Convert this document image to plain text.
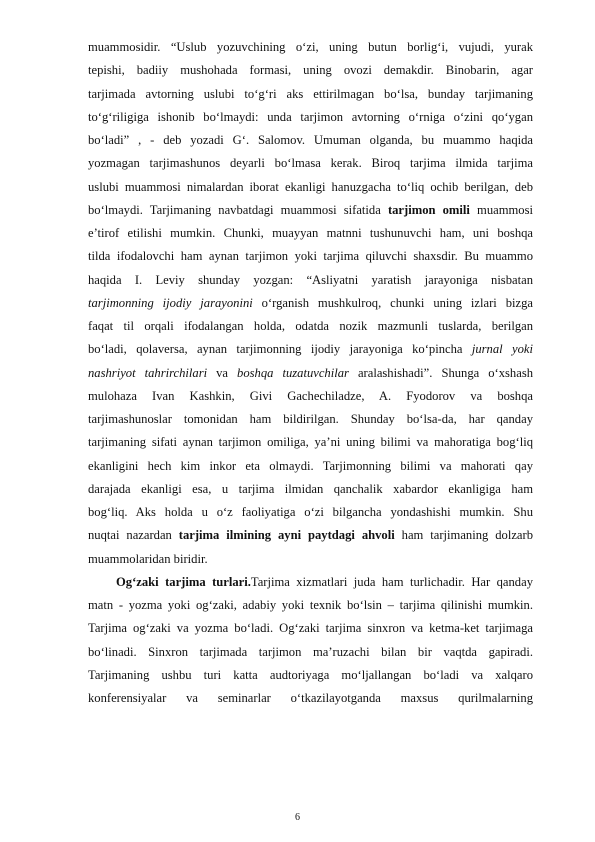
muammosidir. “Uslub yozuvchining o‘zi, uning butun borlig‘i, vujudi, yurak
tepishi, badiiy mushohada formasi, uning ovozi demakdir. Binobarin, agar
tarjimada avtorning uslubi to‘g‘ri aks ettirilmagan bo‘lsa, bunday tarjimaning
to‘g‘riligiga ishonib bo‘lmaydi: unda tarjimon avtorning o‘rniga o‘zini qo‘ygan
bo‘ladi” , - deb yozadi G‘. Salomov. Umuman olganda, bu muammo haqida
yozmagan tarjimashunos deyarli bo‘lmasa kerak. Biroq tarjima ilmida tarjima
uslubi muammosi nimalardan iborat ekanligi hanuzgacha to‘liq ochib berilgan, deb
bo‘lmaydi. Tarjimaning navbatdagi muammosi sifatida tarjimon omili muammosi
e’tirof etilishi mumkin. Chunki, muayyan matnni tushunuvchi ham, uni boshqa
tilda ifodalovchi ham aynan tarjimon yoki tarjima qiluvchi shaxsdir. Bu muammo
haqida I. Leviy shunday yozgan: “Asliyatni yaratish jarayoniga nisbatan
tarjimonning ijodiy jarayonini o‘rganish mushkulroq, chunki uning izlari bizga
faqat til orqali ifodalangan holda, odatda nozik mazmunli tuslarda, berilgan
bo‘ladi, qolaversa, aynan tarjimonning ijodiy jarayoniga ko‘pincha jurnal yoki
nashriyot tahrirchilari va boshqa tuzatuvchilar aralashishadi”. Shunga o‘xshash
mulohaza Ivan Kashkin, Givi Gachechiladze, A. Fyodorov va boshqa
tarjimashunoslar tomonidan ham bildirilgan. Shunday bo‘lsa-da, har qanday
tarjimaning sifati aynan tarjimon omiliga, ya’ni uning bilimi va mahoratiga bog‘liq
ekanligini hech kim inkor eta olmaydi. Tarjimonning bilimi va mahorati qay
darajada ekanligi esa, u tarjima ilmidan qanchalik xabardor ekanligiga ham
bog‘liq. Aks holda u o‘z faoliyatiga o‘zi bilgancha yondashishi mumkin. Shu
nuqtai nazardan tarjima ilmining ayni paytdagi ahvoli ham tarjimaning dolzarb
muammolaridan biridir.
Og‘zaki tarjima turlari.Tarjima xizmatlari juda ham turlichadir. Har qanday
matn - yozma yoki og‘zaki, adabiy yoki texnik bo‘lsin – tarjima qilinishi mumkin.
Tarjima og‘zaki va yozma bo‘ladi. Og‘zaki tarjima sinxron va ketma-ket tarjimaga
bo‘linadi. Sinxron tarjimada tarjimon ma’ruzachi bilan bir vaqtda gapiradi.
Tarjimaning ushbu turi katta audtoriyaga mo‘ljallangan bo‘ladi va xalqaro
konferensiyalar va seminarlar o‘tkazilayotganda maxsus qurilmalarning
6
